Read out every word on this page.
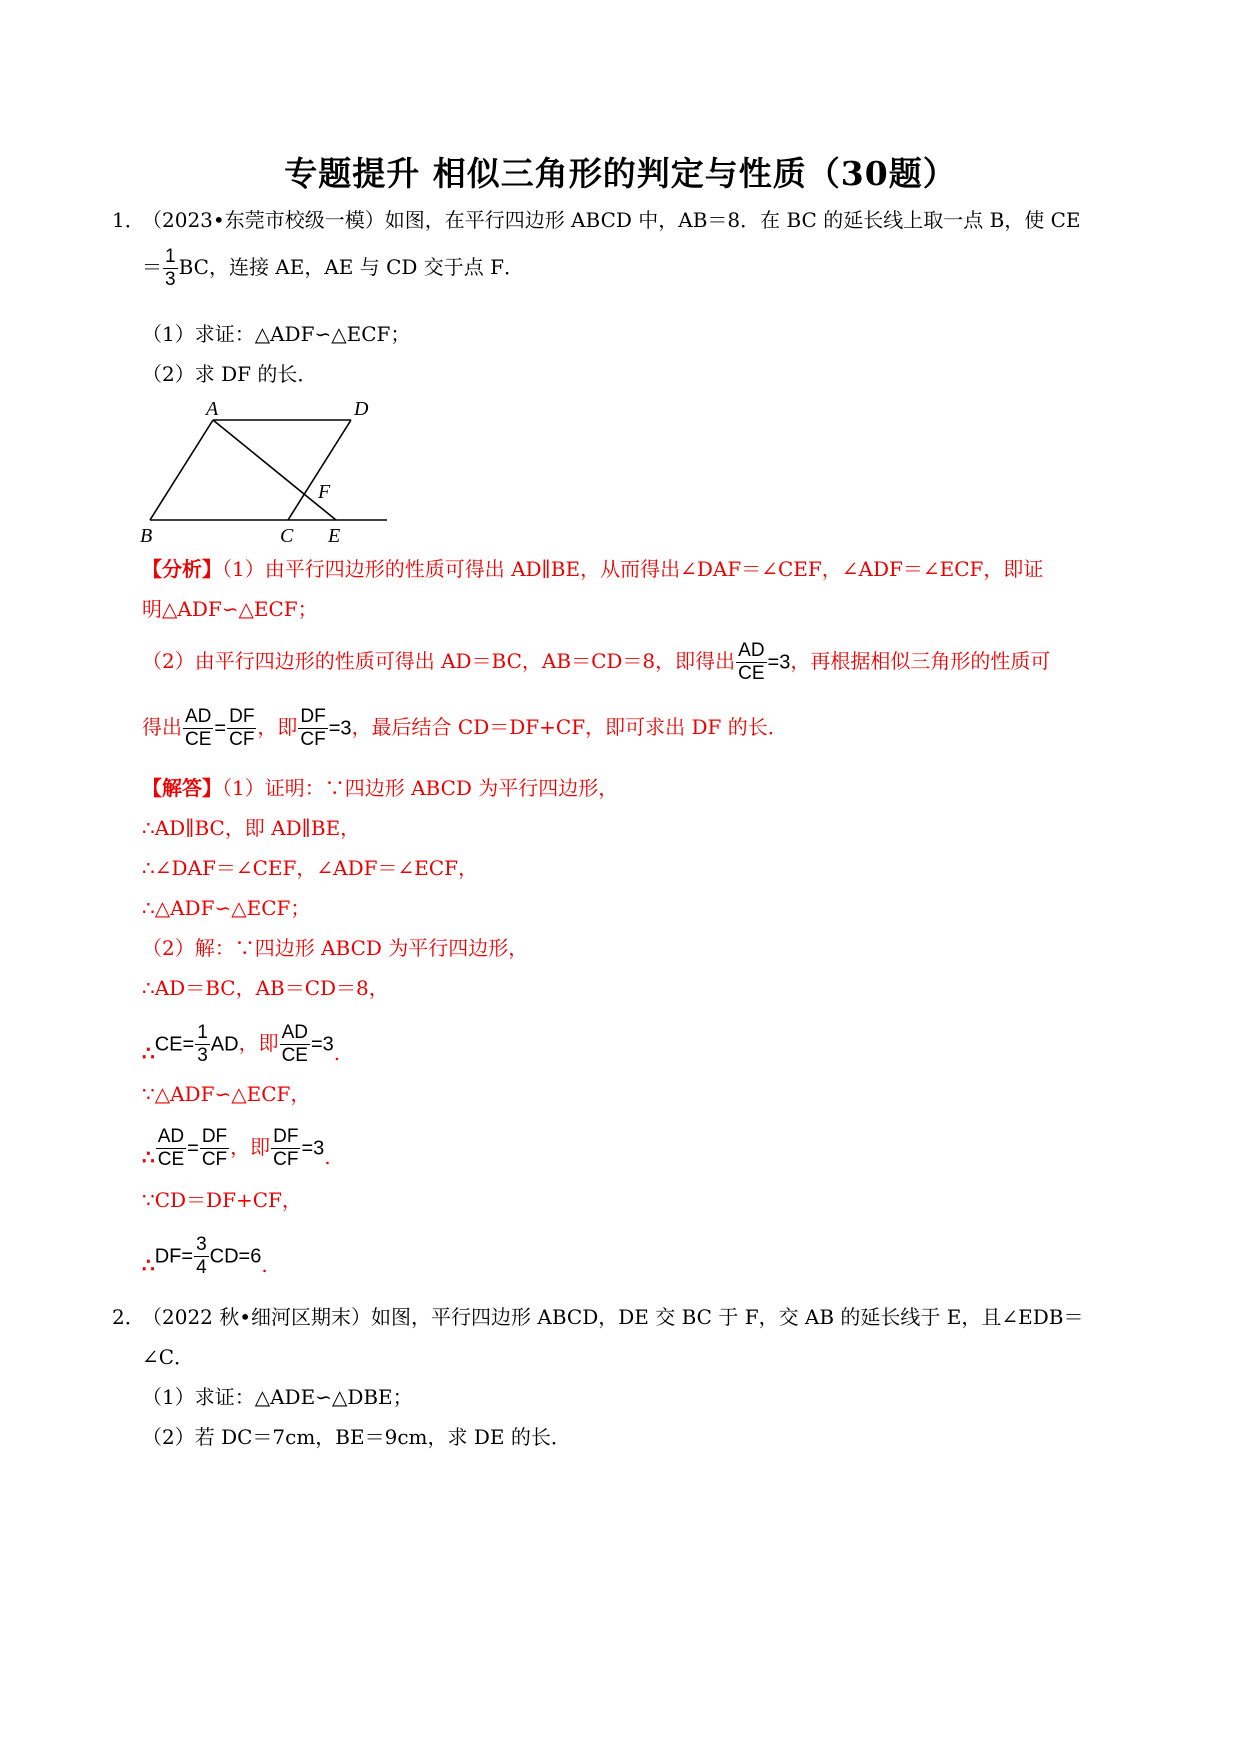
专题提升 相似三角形的判定与性质（30题）
1．
（2023•东莞市校级一模）如图，在平行四边形 ABCD 中，AB＝8．在 BC 的延长线上取一点 B，使 CE
＝ $\frac{1}{3}$ BC，连接 AE，AE 与 CD 交于点 F．
（1）求证：△ADF∽△ECF；
（2）求 DF 的长．
A	D
F
B	C E
【分析】（1）由平行四边形的性质可得出 AD∥BE，从而得出∠DAF＝∠CEF，∠ADF＝∠ECF，即证
明△ADF∽△ECF；
（2）由平行四边形的性质可得出 AD＝BC，AB＝CD＝8，即得出 $\frac{AD}{CE} =3$，再根据相似三角形的性质可
得出 $\frac{AD}{CE} = \frac{DF}{CF}$ ，即 $\frac{DF}{CF} =3$，最后结合 CD＝DF+CF，即可求出 DF 的长．
【解答】（1）证明：∵四边形 ABCD 为平行四边形，
∴AD∥BC，即 AD∥BE，
∴∠DAF＝∠CEF，∠ADF＝∠ECF，
∴△ADF∽△ECF；
（2）解：∵四边形 ABCD 为平行四边形，
∴AD＝BC，AB＝CD＝8，
∴CE= $\frac{1}{3}$ AD，即 $\frac{AD}{CE} =3$.
∵△ADF∽△ECF，
∴ $\frac{AD}{CE} = \frac{DF}{CF}$ ，即 $\frac{DF}{CF} =3$.
∵CD＝DF+CF，
∴DF= $\frac{3}{4} CD=6$.
2．
（2022 秋•细河区期末）如图，平行四边形 ABCD，DE 交 BC 于 F，交 AB 的延长线于 E，且∠EDB＝
∠C．
（1）求证：△ADE∽△DBE；
（2）若 DC＝7cm，BE＝9cm，求 DE 的长．
